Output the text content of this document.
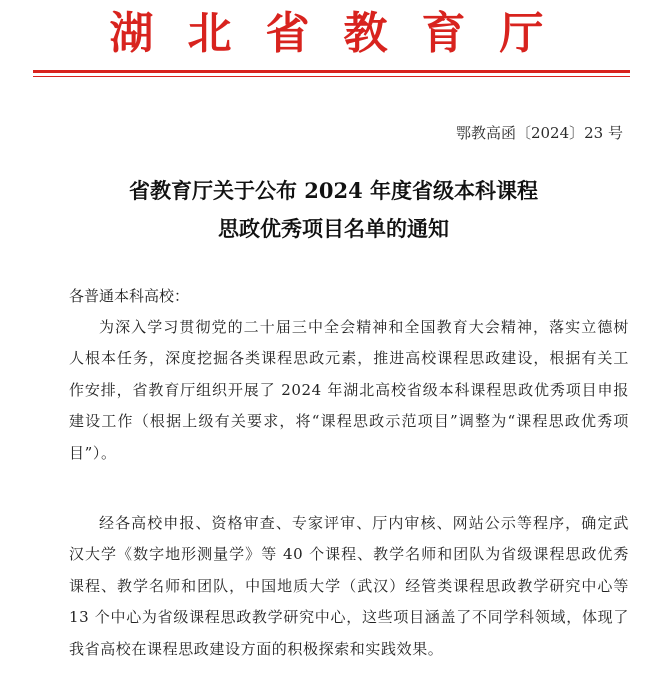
湖北省教育厅
鄂教高函〔2024〕23 号
省教育厅关于公布 2024 年度省级本科课程
思政优秀项目名单的通知

各普通本科高校：

为深入学习贯彻党的二十届三中全会精神和全国教育大会精神，落实立德树人根本任务，深度挖掘各类课程思政元素，推进高校课程思政建设，根据有关工作安排，省教育厅组织开展了 2024 年湖北高校省级本科课程思政优秀项目申报建设工作（根据上级有关要求，将“课程思政示范项目”调整为“课程思政优秀项目”）。

经各高校申报、资格审查、专家评审、厅内审核、网站公示等程序，确定武汉大学《数字地形测量学》等 40 个课程、教学名师和团队为省级课程思政优秀课程、教学名师和团队，中国地质大学（武汉）经管类课程思政教学研究中心等 13 个中心为省级课程思政教学研究中心，这些项目涵盖了不同学科领域，体现了我省高校在课程思政建设方面的积极探索和实践效果。
